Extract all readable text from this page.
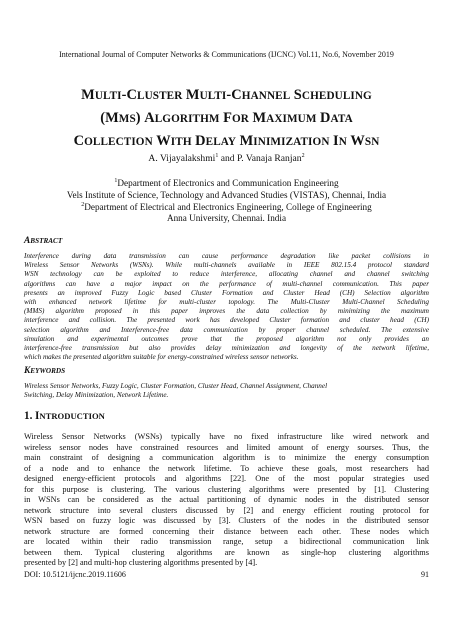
International Journal of Computer Networks & Communications (IJCNC) Vol.11, No.6, November 2019
MULTI-CLUSTER MULTI-CHANNEL SCHEDULING
(MMS) ALGORITHM FOR MAXIMUM DATA
COLLECTION WITH DELAY MINIMIZATION IN WSN
A. Vijayalakshmi$^1$ and P. Vanaja Ranjan$^2$
$^1$Department of Electronics and Communication Engineering
Vels Institute of Science, Technology and Advanced Studies (VISTAS), Chennai, India
$^2$Department of Electrical and Electronics Engineering, College of Engineering
Anna University, Chennai. India
ABSTRACT
Interference during data transmission can cause performance degradation like packet collisions in
Wireless Sensor Networks (WSNs). While multi-channels available in IEEE 802.15.4 protocol standard
WSN technology can be exploited to reduce interference, allocating channel and channel switching
algorithms can have a major impact on the performance of multi-channel communication. This paper
presents an improved Fuzzy Logic based Cluster Formation and Cluster Head (CH) Selection algorithm
with enhanced network lifetime for multi-cluster topology. The Multi-Cluster Multi-Channel Scheduling
(MMS) algorithm proposed in this paper improves the data collection by minimizing the maximum
interference and collision. The presented work has developed Cluster formation and cluster head (CH)
selection algorithm and Interference-free data communication by proper channel scheduled. The extensive
simulation and experimental outcomes prove that the proposed algorithm not only provides an
interference-free transmission but also provides delay minimization and longevity of the network lifetime,
which makes the presented algorithm suitable for energy-constrained wireless sensor networks.
KEYWORDS
Wireless Sensor Networks, Fuzzy Logic, Cluster Formation, Cluster Head, Channel Assignment, Channel
Switching, Delay Minimization, Network Lifetime.
1. INTRODUCTION
Wireless Sensor Networks (WSNs) typically have no fixed infrastructure like wired network and
wireless sensor nodes have constrained resources and limited amount of energy sourses. Thus, the
main constraint of designing a communication algorithm is to minimize the energy consumption
of a node and to enhance the network lifetime. To achieve these goals, most researchers had
designed energy-efficient protocols and algorithms [22]. One of the most popular strategies used
for this purpose is clustering. The various clustering algorithms were presented by [1]. Clustering
in WSNs can be considered as the actual partitioning of dynamic nodes in the distributed sensor
network structure into several clusters discussed by [2] and energy efficient routing protocol for
WSN based on fuzzy logic was discussed by [3]. Clusters of the nodes in the distributed sensor
network structure are formed concerning their distance between each other. These nodes which
are located within their radio transmission range, setup a bidirectional communication link
between them. Typical clustering algorithms are known as single-hop clustering algorithms
presented by [2] and multi-hop clustering algorithms presented by [4].
DOI: 10.5121/ijcnc.2019.11606	91
